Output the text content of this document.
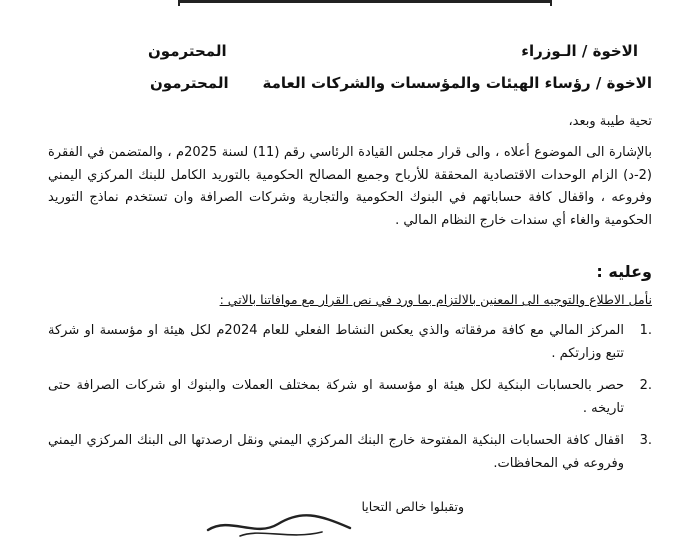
الاخوة / الـوزراء
المحترمون
الاخوة / رؤساء الهيئات والمؤسسات والشركات العامة
المحترمون
تحية طيبة وبعد،
بالإشارة الى الموضوع أعلاه ، والى قرار مجلس القيادة الرئاسي رقم (11) لسنة 2025م ، والمتضمن في الفقرة (2-د) الزام الوحدات الاقتصادية المحققة للأرباح وجميع المصالح الحكومية بالتوريد الكامل للبنك المركزي اليمني وفروعه ، واقفال كافة حساباتهم في البنوك الحكومية والتجارية وشركات الصرافة وان تستخدم نماذج التوريد الحكومية والغاء أي سندات خارج النظام المالي .
وعليه :
نأمل الاطلاع والتوجيه الى المعنين بالالتزام بما ورد في نص القرار مع موافاتنا بالاتي :
1.
المركز المالي مع كافة مرفقاته والذي يعكس النشاط الفعلي للعام 2024م لكل هيئة او مؤسسة او شركة تتبع وزارتكم .
2.
حصر بالحسابات البنكية لكل هيئة او مؤسسة او شركة بمختلف العملات والبنوك او شركات الصرافة حتى تاريخه .
3.
اقفال كافة الحسابات البنكية المفتوحة خارج البنك المركزي اليمني ونقل ارصدتها الى البنك المركزي اليمني وفروعه في المحافظات.
وتقبلوا خالص التحايا
